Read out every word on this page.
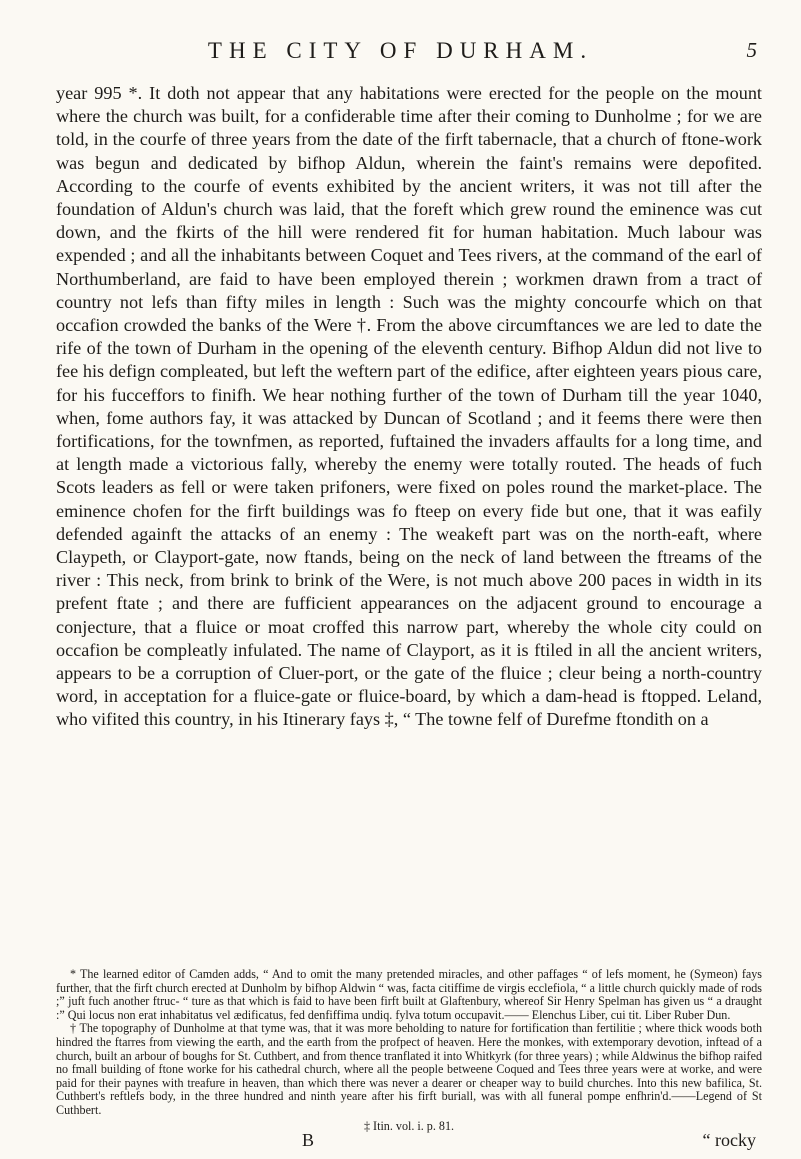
THE CITY OF DURHAM.	5

year 995 *. It doth not appear that any habitations were erected for the people on the mount where the church was built, for a confiderable time after their coming to Dunholme ; for we are told, in the courfe of three years from the date of the firft tabernacle, that a church of ftone-work was begun and dedicated by bifhop Aldun, wherein the faint's remains were depofited. According to the courfe of events exhibited by the ancient writers, it was not till after the foundation of Aldun's church was laid, that the foreft which grew round the eminence was cut down, and the fkirts of the hill were rendered fit for human habitation. Much labour was expended ; and all the inhabitants between Coquet and Tees rivers, at the command of the earl of Northumberland, are faid to have been employed therein ; workmen drawn from a tract of country not lefs than fifty miles in length : Such was the mighty concourfe which on that occafion crowded the banks of the Were †. From the above circumftances we are led to date the rife of the town of Durham in the opening of the eleventh century. Bifhop Aldun did not live to fee his defign compleated, but left the weftern part of the edifice, after eighteen years pious care, for his fucceffors to finifh. We hear nothing further of the town of Durham till the year 1040, when, fome authors fay, it was attacked by Duncan of Scotland ; and it feems there were then fortifications, for the townfmen, as reported, fuftained the invaders affaults for a long time, and at length made a victorious fally, whereby the enemy were totally routed. The heads of fuch Scots leaders as fell or were taken prifoners, were fixed on poles round the market-place. The eminence chofen for the firft buildings was fo fteep on every fide but one, that it was eafily defended againft the attacks of an enemy : The weakeft part was on the north-eaft, where Claypeth, or Clayport-gate, now ftands, being on the neck of land between the ftreams of the river : This neck, from brink to brink of the Were, is not much above 200 paces in width in its prefent ftate ; and there are fufficient appearances on the adjacent ground to encourage a conjecture, that a fluice or moat croffed this narrow part, whereby the whole city could on occafion be compleatly infulated. The name of Clayport, as it is ftiled in all the ancient writers, appears to be a corruption of Cluer-port, or the gate of the fluice ; cleur being a north-country word, in acceptation for a fluice-gate or fluice-board, by which a dam-head is ftopped. Leland, who vifited this country, in his Itinerary fays ‡, “ The towne felf of Durefme ftondith on a

* The learned editor of Camden adds, “ And to omit the many pretended miracles, and other paffages “ of lefs moment, he (Symeon) fays further, that the firft church erected at Dunholm by bifhop Aldwin “ was, facta citiffime de virgis ecclefiola, “ a little church quickly made of rods ;” juft fuch another ftruc- “ ture as that which is faid to have been firft built at Glaftenbury, whereof Sir Henry Spelman has given us “ a draught :” Qui locus non erat inhabitatus vel ædificatus, fed denfiffima undiq. fylva totum occupavit.—— Elenchus Liber, cui tit. Liber Ruber Dun.

† The topography of Dunholme at that tyme was, that it was more beholding to nature for fortification than fertilitie ; where thick woods both hindred the ftarres from viewing the earth, and the earth from the profpect of heaven. Here the monkes, with extemporary devotion, inftead of a church, built an arbour of boughs for St. Cuthbert, and from thence tranflated it into Whitkyrk (for three years) ; while Aldwinus the bifhop raifed no fmall building of ftone worke for his cathedral church, where all the people betweene Coqued and Tees three years were at worke, and were paid for their paynes with treafure in heaven, than which there was never a dearer or cheaper way to build churches. Into this new bafilica, St. Cuthbert's reftlefs body, in the three hundred and ninth yeare after his firft buriall, was with all funeral pompe enfhrin'd.——Legend of St Cuthbert.

‡ Itin. vol. i. p. 81.

B	“ rocky
